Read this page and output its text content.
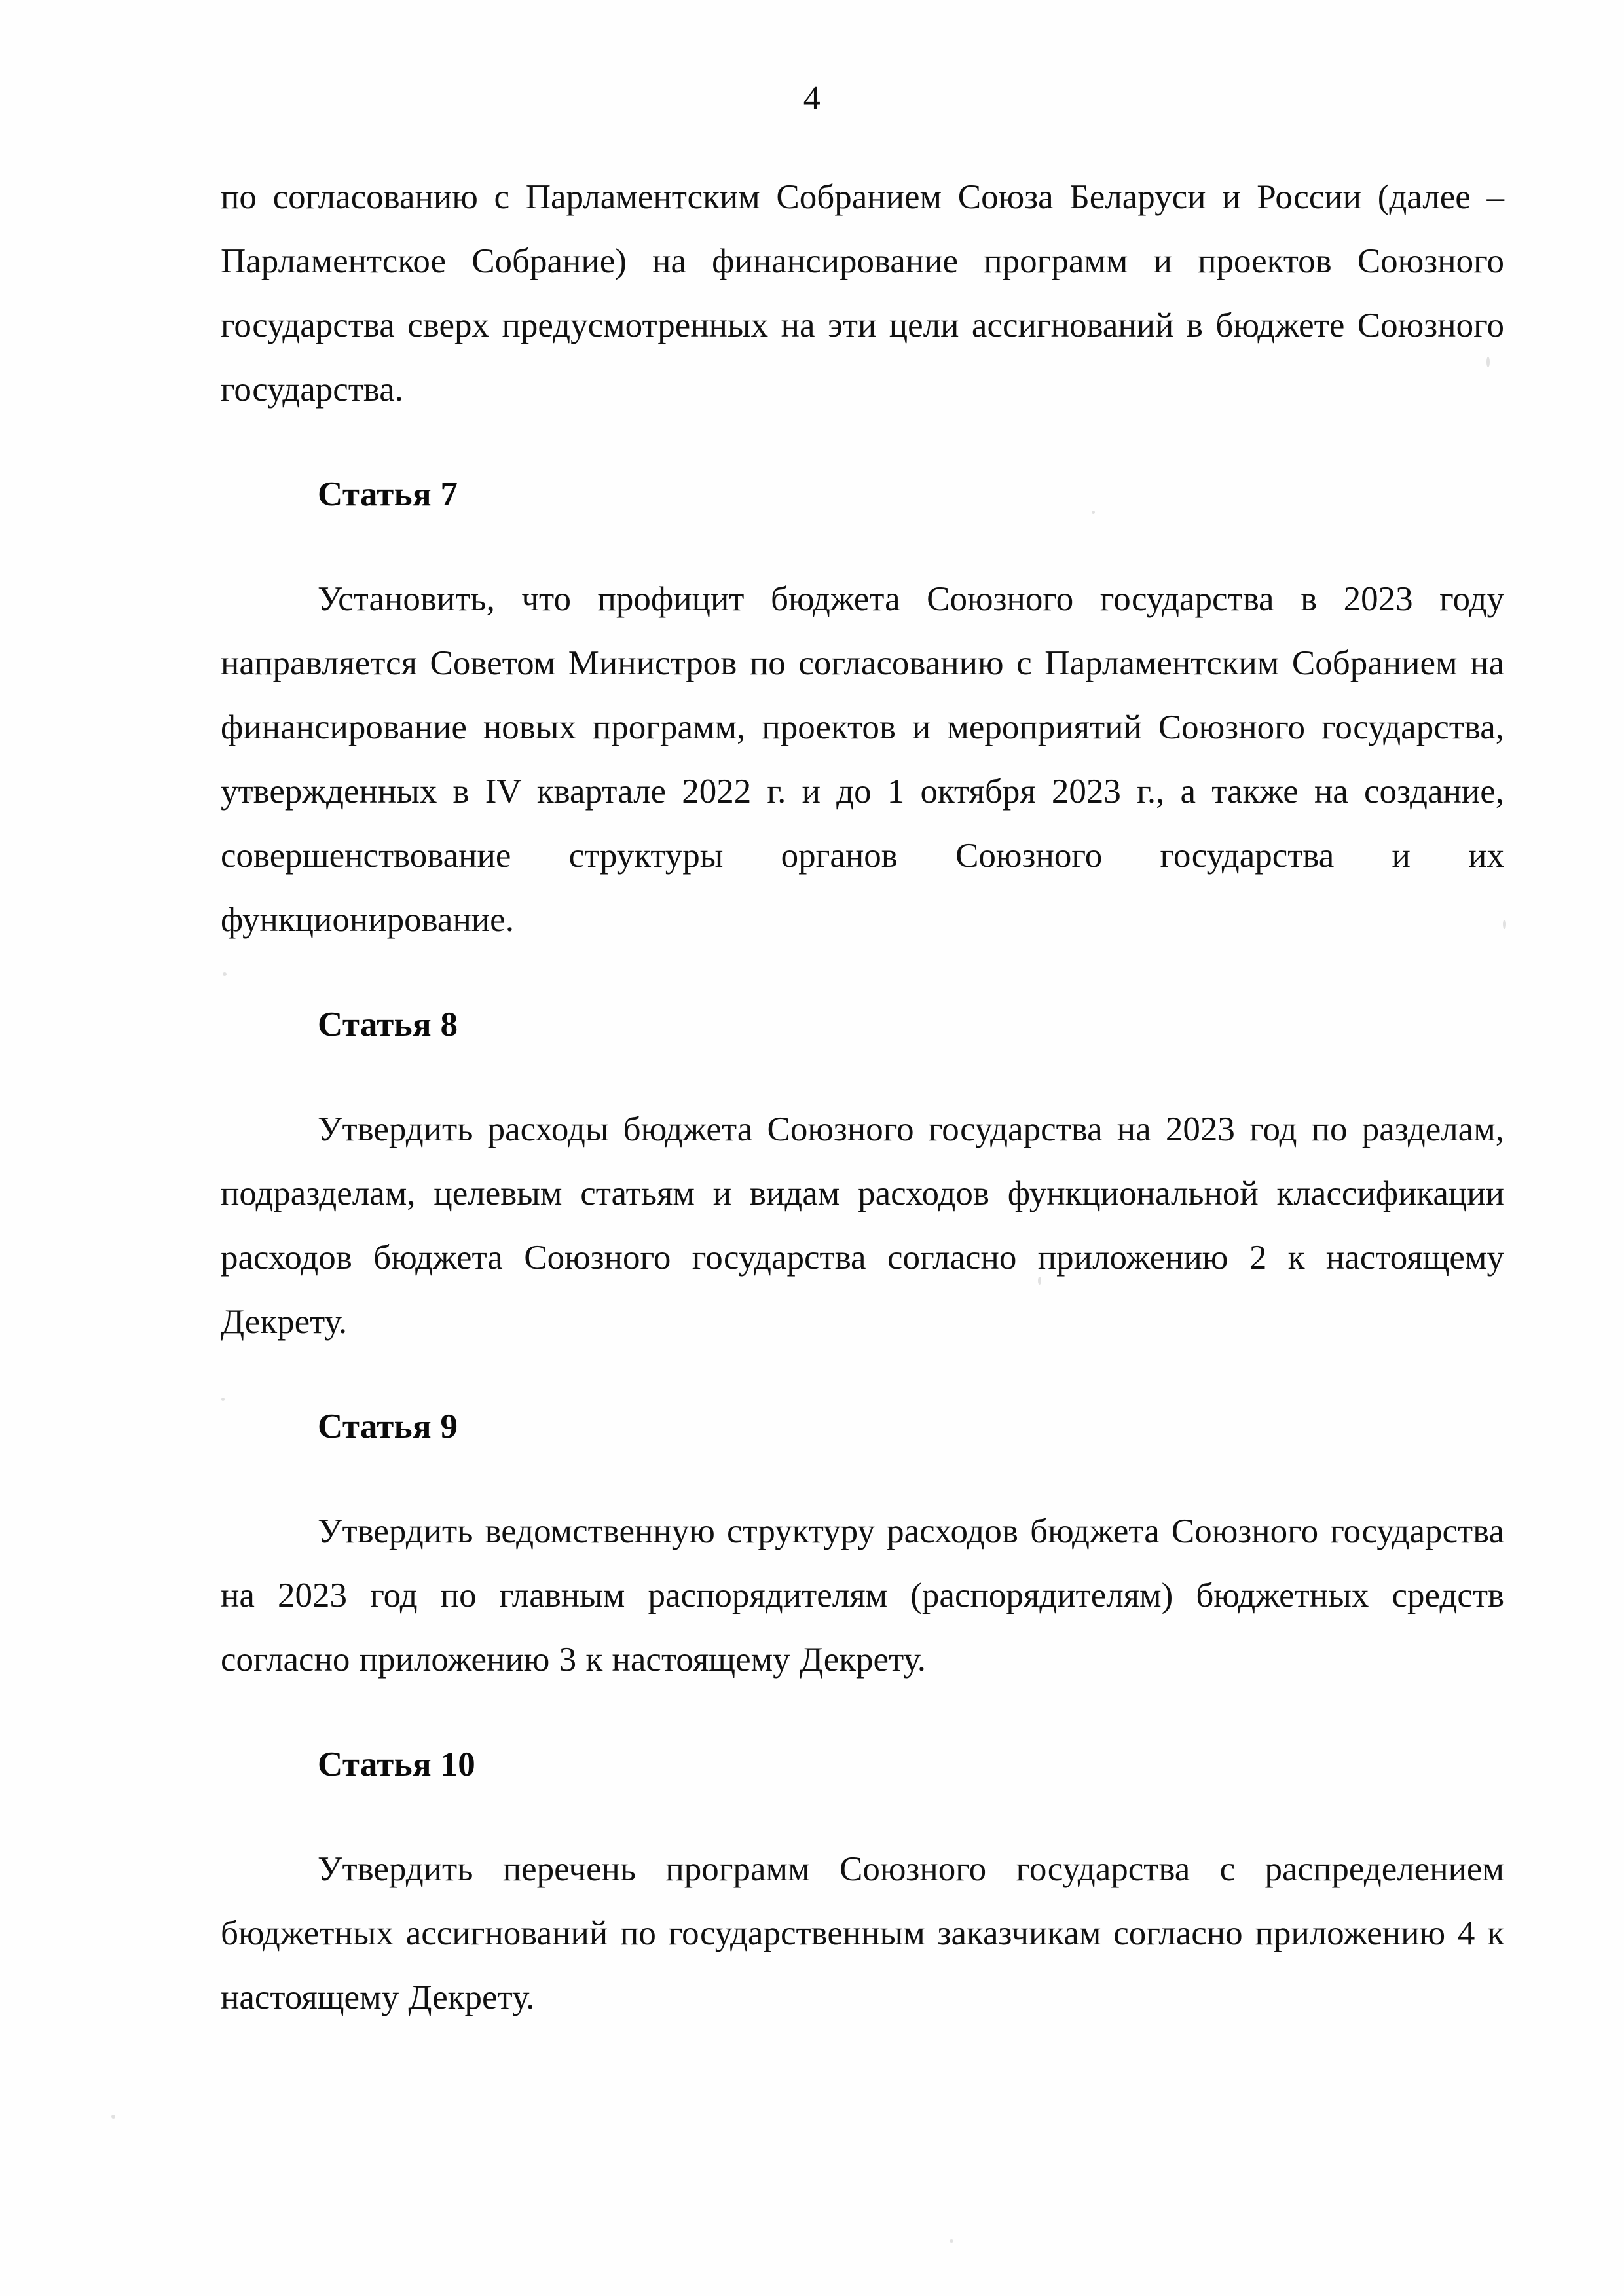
4

по согласованию с Парламентским Собранием Союза Беларуси и России (далее – Парламентское Собрание) на финансирование программ и проектов Союзного государства сверх предусмотренных на эти цели ассигнований в бюджете Союзного государства.

Статья 7

Установить, что профицит бюджета Союзного государства в 2023 году направляется Советом Министров по согласованию с Парламентским Собранием на финансирование новых программ, проектов и мероприятий Союзного государства, утвержденных в IV квартале 2022 г. и до 1 октября 2023 г., а также на создание, совершенствование структуры органов Союзного государства и их функционирование.

Статья 8

Утвердить расходы бюджета Союзного государства на 2023 год по разделам, подразделам, целевым статьям и видам расходов функциональной классификации расходов бюджета Союзного государства согласно приложению 2 к настоящему Декрету.

Статья 9

Утвердить ведомственную структуру расходов бюджета Союзного государства на 2023 год по главным распорядителям (распорядителям) бюджетных средств согласно приложению 3 к настоящему Декрету.

Статья 10

Утвердить перечень программ Союзного государства с распределением бюджетных ассигнований по государственным заказчикам согласно приложению 4 к настоящему Декрету.
